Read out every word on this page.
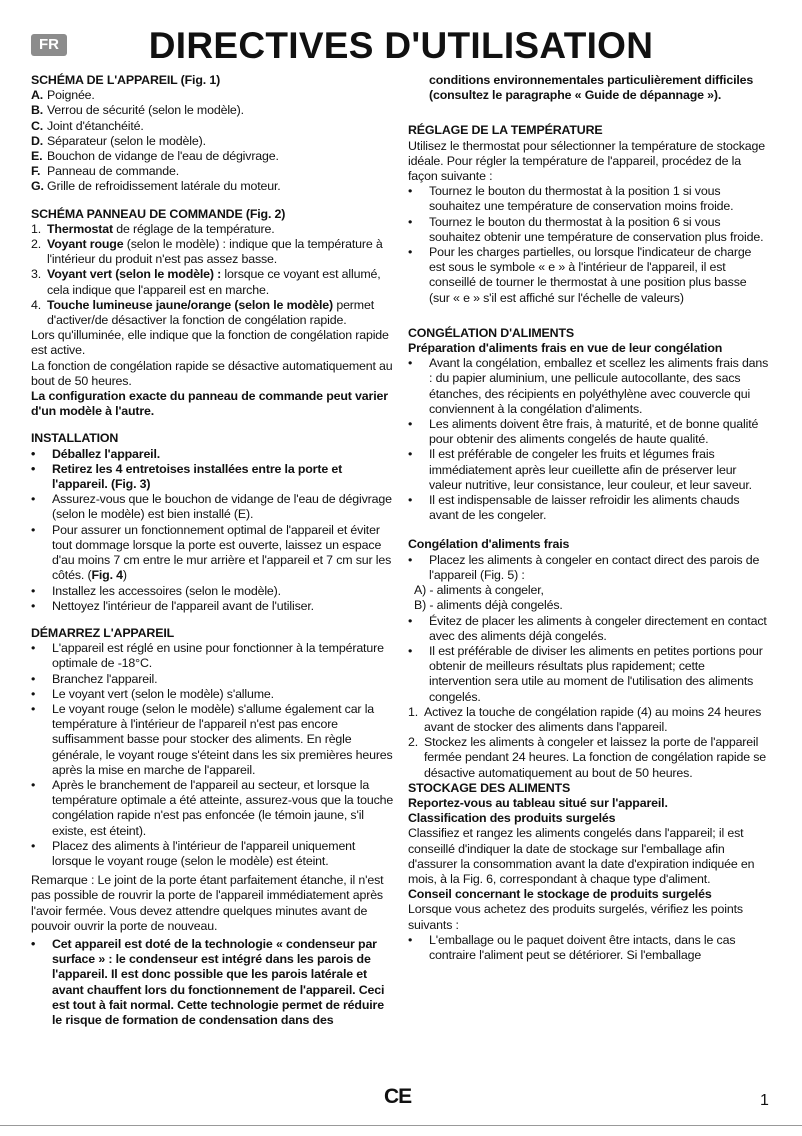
FR	DIRECTIVES D'UTILISATION
SCHÉMA DE L'APPAREIL (Fig. 1)
A. Poignée.
B. Verrou de sécurité (selon le modèle).
C. Joint d'étanchéité.
D. Séparateur (selon le modèle).
E. Bouchon de vidange de l'eau de dégivrage.
F. Panneau de commande.
G. Grille de refroidissement latérale du moteur.
SCHÉMA PANNEAU DE COMMANDE (Fig. 2)
1. Thermostat de réglage de la température.
2. Voyant rouge (selon le modèle) : indique que la température à l'intérieur du produit n'est pas assez basse.
3. Voyant vert (selon le modèle) : lorsque ce voyant est allumé, cela indique que l'appareil est en marche.
4. Touche lumineuse jaune/orange (selon le modèle) permet d'activer/de désactiver la fonction de congélation rapide.
Lors qu'illuminée, elle indique que la fonction de congélation rapide est active.
La fonction de congélation rapide se désactive automatiquement au bout de 50 heures.
La configuration exacte du panneau de commande peut varier d'un modèle à l'autre.
INSTALLATION
• Déballez l'appareil.
• Retirez les 4 entretoises installées entre la porte et l'appareil. (Fig. 3)
• Assurez-vous que le bouchon de vidange de l'eau de dégivrage (selon le modèle) est bien installé (E).
• Pour assurer un fonctionnement optimal de l'appareil et éviter tout dommage lorsque la porte est ouverte, laissez un espace d'au moins 7 cm entre le mur arrière et l'appareil et 7 cm sur les côtés. (Fig. 4)
• Installez les accessoires (selon le modèle).
• Nettoyez l'intérieur de l'appareil avant de l'utiliser.
DÉMARREZ L'APPAREIL
• L'appareil est réglé en usine pour fonctionner à la température optimale de -18°C.
• Branchez l'appareil.
• Le voyant vert (selon le modèle) s'allume.
• Le voyant rouge (selon le modèle) s'allume également car la température à l'intérieur de l'appareil n'est pas encore suffisamment basse pour stocker des aliments. En règle générale, le voyant rouge s'éteint dans les six premières heures après la mise en marche de l'appareil.
• Après le branchement de l'appareil au secteur, et lorsque la température optimale a été atteinte, assurez-vous que la touche congélation rapide n'est pas enfoncée (le témoin jaune, s'il existe, est éteint).
• Placez des aliments à l'intérieur de l'appareil uniquement lorsque le voyant rouge (selon le modèle) est éteint.
Remarque : Le joint de la porte étant parfaitement étanche, il n'est pas possible de rouvrir la porte de l'appareil immédiatement après l'avoir fermée. Vous devez attendre quelques minutes avant de pouvoir ouvrir la porte de nouveau.
• Cet appareil est doté de la technologie « condenseur par surface » : le condenseur est intégré dans les parois de l'appareil. Il est donc possible que les parois latérale et avant chauffent lors du fonctionnement de l'appareil. Ceci est tout à fait normal. Cette technologie permet de réduire le risque de formation de condensation dans des
conditions environnementales particulièrement difficiles (consultez le paragraphe « Guide de dépannage »).
RÉGLAGE DE LA TEMPÉRATURE
Utilisez le thermostat pour sélectionner la température de stockage idéale. Pour régler la température de l'appareil, procédez de la façon suivante :
• Tournez le bouton du thermostat à la position 1 si vous souhaitez une température de conservation moins froide.
• Tournez le bouton du thermostat à la position 6 si vous souhaitez obtenir une température de conservation plus froide.
• Pour les charges partielles, ou lorsque l'indicateur de charge est sous le symbole « e » à l'intérieur de l'appareil, il est conseillé de tourner le thermostat à une position plus basse (sur « e » s'il est affiché sur l'échelle de valeurs)
CONGÉLATION D'ALIMENTS
Préparation d'aliments frais en vue de leur congélation
• Avant la congélation, emballez et scellez les aliments frais dans : du papier aluminium, une pellicule autocollante, des sacs étanches, des récipients en polyéthylène avec couvercle qui conviennent à la congélation d'aliments.
• Les aliments doivent être frais, à maturité, et de bonne qualité pour obtenir des aliments congelés de haute qualité.
• Il est préférable de congeler les fruits et légumes frais immédiatement après leur cueillette afin de préserver leur valeur nutritive, leur consistance, leur couleur, et leur saveur.
• Il est indispensable de laisser refroidir les aliments chauds avant de les congeler.
Congélation d'aliments frais
• Placez les aliments à congeler en contact direct des parois de l'appareil (Fig. 5) :
A) - aliments à congeler,
B) - aliments déjà congelés.
• Évitez de placer les aliments à congeler directement en contact avec des aliments déjà congelés.
• Il est préférable de diviser les aliments en petites portions pour obtenir de meilleurs résultats plus rapidement; cette intervention sera utile au moment de l'utilisation des aliments congelés.
1. Activez la touche de congélation rapide (4) au moins 24 heures avant de stocker des aliments dans l'appareil.
2. Stockez les aliments à congeler et laissez la porte de l'appareil fermée pendant 24 heures. La fonction de congélation rapide se désactive automatiquement au bout de 50 heures.
STOCKAGE DES ALIMENTS
Reportez-vous au tableau situé sur l'appareil.
Classification des produits surgelés
Classifiez et rangez les aliments congelés dans l'appareil; il est conseillé d'indiquer la date de stockage sur l'emballage afin d'assurer la consommation avant la date d'expiration indiquée en mois, à la Fig. 6, correspondant à chaque type d'aliment.
Conseil concernant le stockage de produits surgelés
Lorsque vous achetez des produits surgelés, vérifiez les points suivants :
• L'emballage ou le paquet doivent être intacts, dans le cas contraire l'aliment peut se détériorer. Si l'emballage
CE	1
